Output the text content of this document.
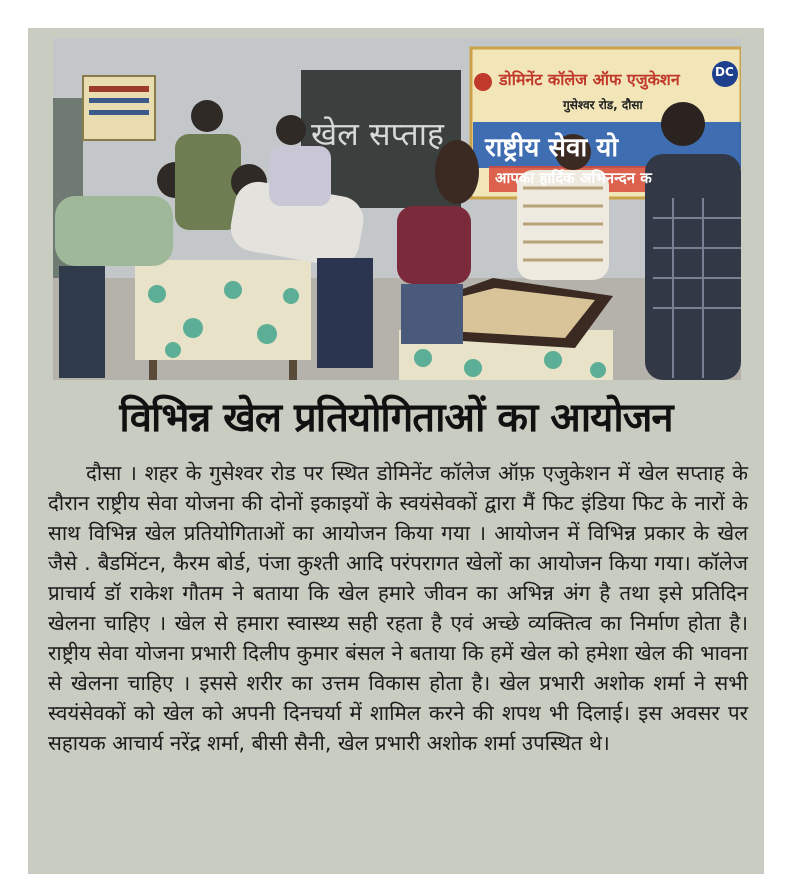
डोमिनेंट कॉलेज ऑफ एजुकेशन	DC
गुसेश्वर रोड, दौसा
राष्ट्रीय सेवा यो
आपका हार्दिक अभिनन्दन क
खेल सप्ताह
विभिन्न खेल प्रतियोगिताओं का आयोजन
दौसा । शहर के गुसेश्वर रोड पर स्थित डोमिनेंट कॉलेज ऑफ़ एजुकेशन में खेल सप्ताह के दौरान राष्ट्रीय सेवा योजना की दोनों इकाइयों के स्वयंसेवकों द्वारा मैं फिट इंडिया फिट के नारों के साथ विभिन्न खेल प्रतियोगिताओं का आयोजन किया गया । आयोजन में विभिन्न प्रकार के खेल जैसे . बैडमिंटन, कैरम बोर्ड, पंजा कुश्ती आदि परंपरागत खेलों का आयोजन किया गया। कॉलेज प्राचार्य डॉ राकेश गौतम ने बताया कि खेल हमारे जीवन का अभिन्न अंग है तथा इसे प्रतिदिन खेलना चाहिए । खेल से हमारा स्वास्थ्य सही रहता है एवं अच्छे व्यक्तित्व का निर्माण होता है। राष्ट्रीय सेवा योजना प्रभारी दिलीप कुमार बंसल ने बताया कि हमें खेल को हमेशा खेल की भावना से खेलना चाहिए । इससे शरीर का उत्तम विकास होता है। खेल प्रभारी अशोक शर्मा ने सभी स्वयंसेवकों को खेल को अपनी दिनचर्या में शामिल करने की शपथ भी दिलाई। इस अवसर पर सहायक आचार्य नरेंद्र शर्मा, बीसी सैनी, खेल प्रभारी अशोक शर्मा उपस्थित थे।
